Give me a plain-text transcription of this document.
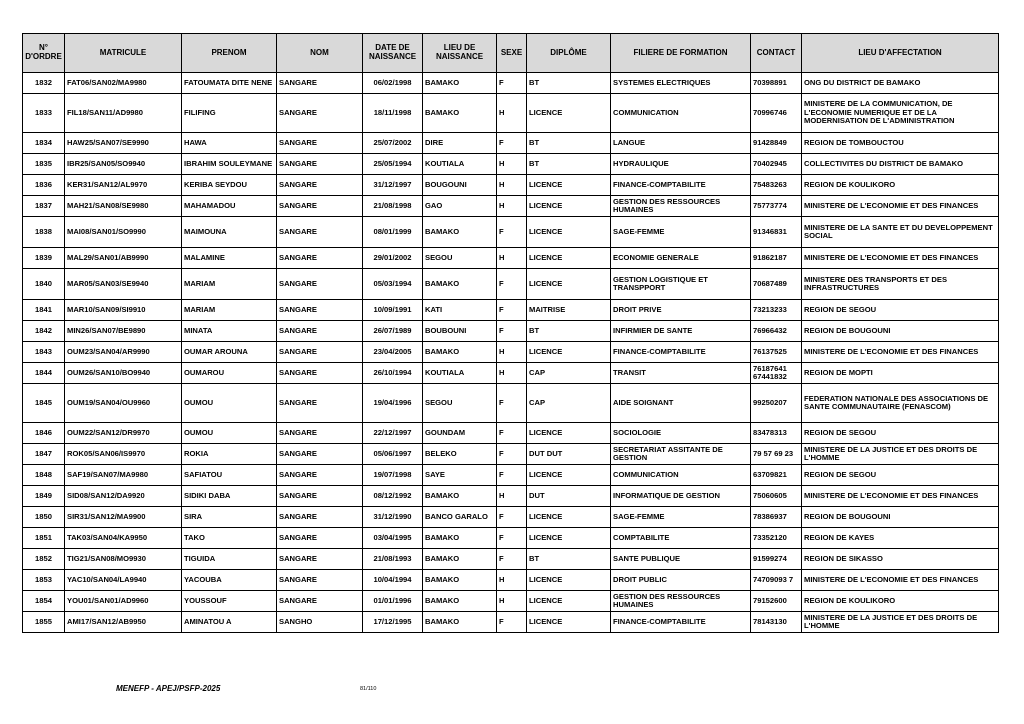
N° D'ORDRE	MATRICULE	PRENOM	NOM	DATE DE NAISSANCE	LIEU DE NAISSANCE	SEXE	DIPLÔME	FILIERE DE FORMATION	CONTACT	LIEU D'AFFECTATION
1832	FAT06/SAN02/MA9980	FATOUMATA DITE NENE	SANGARE	06/02/1998	BAMAKO	F	BT	SYSTEMES ELECTRIQUES	70398891	ONG DU DISTRICT DE BAMAKO
1833	FIL18/SAN11/AD9980	FILIFING	SANGARE	18/11/1998	BAMAKO	H	LICENCE	COMMUNICATION	70996746	MINISTERE DE LA COMMUNICATION, DE L'ECONOMIE NUMERIQUE ET DE LA MODERNISATION DE L'ADMINISTRATION
1834	HAW25/SAN07/SE9990	HAWA	SANGARE	25/07/2002	DIRE	F	BT	LANGUE	91428849	REGION DE TOMBOUCTOU
1835	IBR25/SAN05/SO9940	IBRAHIM SOULEYMANE	SANGARE	25/05/1994	KOUTIALA	H	BT	HYDRAULIQUE	70402945	COLLECTIVITES DU DISTRICT DE BAMAKO
1836	KER31/SAN12/AL9970	KERIBA SEYDOU	SANGARE	31/12/1997	BOUGOUNI	H	LICENCE	FINANCE-COMPTABILITE	75483263	REGION DE KOULIKORO
1837	MAH21/SAN08/SE9980	MAHAMADOU	SANGARE	21/08/1998	GAO	H	LICENCE	GESTION DES RESSOURCES HUMAINES	75773774	MINISTERE DE L'ECONOMIE ET DES FINANCES
1838	MAI08/SAN01/SO9990	MAIMOUNA	SANGARE	08/01/1999	BAMAKO	F	LICENCE	SAGE-FEMME	91346831	MINISTERE DE LA SANTE ET DU DEVELOPPEMENT SOCIAL
1839	MAL29/SAN01/AB9990	MALAMINE	SANGARE	29/01/2002	SEGOU	H	LICENCE	ECONOMIE GENERALE	91862187	MINISTERE DE L'ECONOMIE ET DES FINANCES
1840	MAR05/SAN03/SE9940	MARIAM	SANGARE	05/03/1994	BAMAKO	F	LICENCE	GESTION LOGISTIQUE ET TRANSPPORT	70687489	MINISTERE DES TRANSPORTS ET DES INFRASTRUCTURES
1841	MAR10/SAN09/SI9910	MARIAM	SANGARE	10/09/1991	KATI	F	MAITRISE	DROIT PRIVE	73213233	REGION DE SEGOU
1842	MIN26/SAN07/BE9890	MINATA	SANGARE	26/07/1989	BOUBOUNI	F	BT	INFIRMIER DE SANTE	76966432	REGION DE BOUGOUNI
1843	OUM23/SAN04/AR9990	OUMAR AROUNA	SANGARE	23/04/2005	BAMAKO	H	LICENCE	FINANCE-COMPTABILITE	76137525	MINISTERE DE L'ECONOMIE ET DES FINANCES
1844	OUM26/SAN10/BO9940	OUMAROU	SANGARE	26/10/1994	KOUTIALA	H	CAP	TRANSIT	76187641 67441832	REGION DE MOPTI
1845	OUM19/SAN04/OU9960	OUMOU	SANGARE	19/04/1996	SEGOU	F	CAP	AIDE SOIGNANT	99250207	FEDERATION NATIONALE DES ASSOCIATIONS DE SANTE COMMUNAUTAIRE (FENASCOM)
1846	OUM22/SAN12/DR9970	OUMOU	SANGARE	22/12/1997	GOUNDAM	F	LICENCE	SOCIOLOGIE	83478313	REGION DE SEGOU
1847	ROK05/SAN06/IS9970	ROKIA	SANGARE	05/06/1997	BELEKO	F	DUT DUT	SECRETARIAT ASSITANTE DE GESTION	79 57 69 23	MINISTERE DE LA JUSTICE ET DES DROITS DE L'HOMME
1848	SAF19/SAN07/MA9980	SAFIATOU	SANGARE	19/07/1998	SAYE	F	LICENCE	COMMUNICATION	63709821	REGION DE SEGOU
1849	SID08/SAN12/DA9920	SIDIKI DABA	SANGARE	08/12/1992	BAMAKO	H	DUT	INFORMATIQUE DE GESTION	75060605	MINISTERE DE L'ECONOMIE ET DES FINANCES
1850	SIR31/SAN12/MA9900	SIRA	SANGARE	31/12/1990	BANCO GARALO	F	LICENCE	SAGE-FEMME	78386937	REGION DE BOUGOUNI
1851	TAK03/SAN04/KA9950	TAKO	SANGARE	03/04/1995	BAMAKO	F	LICENCE	COMPTABILITE	73352120	REGION DE KAYES
1852	TIG21/SAN08/MO9930	TIGUIDA	SANGARE	21/08/1993	BAMAKO	F	BT	SANTE PUBLIQUE	91599274	REGION DE SIKASSO
1853	YAC10/SAN04/LA9940	YACOUBA	SANGARE	10/04/1994	BAMAKO	H	LICENCE	DROIT PUBLIC	74709093 7	MINISTERE DE L'ECONOMIE ET DES FINANCES
1854	YOU01/SAN01/AD9960	YOUSSOUF	SANGARE	01/01/1996	BAMAKO	H	LICENCE	GESTION DES RESSOURCES HUMAINES	79152600	REGION DE KOULIKORO
1855	AMI17/SAN12/AB9950	AMINATOU A	SANGHO	17/12/1995	BAMAKO	F	LICENCE	FINANCE-COMPTABILITE	78143130	MINISTERE DE LA JUSTICE ET DES DROITS DE L'HOMME
MENEFP - APEJ/PSFP-2025	81/110
